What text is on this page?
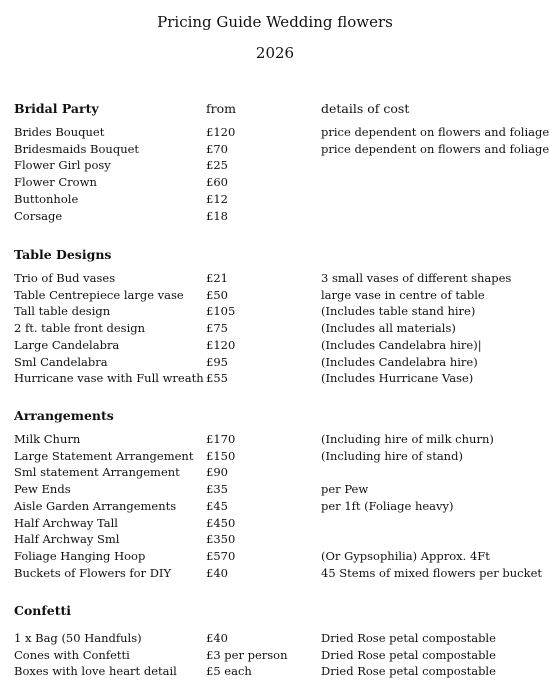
Pricing Guide Wedding flowers
2026
from	details of cost
Bridal Party
Brides Bouquet	£120	price dependent on flowers and foliage
Bridesmaids Bouquet	£70	price dependent on flowers and foliage
Flower Girl posy	£25
Flower Crown	£60
Buttonhole	£12
Corsage	£18
Table Designs
Trio of Bud vases	£21	3 small vases of different shapes
Table Centrepiece large vase £50	large vase in centre of table
Tall table design	£105	(Includes table stand hire)
2 ft. table front design	£75	(Includes all materials)
Large Candelabra	£120	(Includes Candelabra hire)|
Sml Candelabra	£95	(Includes Candelabra hire)
Hurricane vase with Full wreath £55	(Includes Hurricane Vase)
Arrangements
Milk Churn	£170	(Including hire of milk churn)
Large Statement Arrangement £150	(Including hire of stand)
Sml statement Arrangement £90
Pew Ends	£35	per Pew
Aisle Garden Arrangements	£45	per 1ft (Foliage heavy)
Half Archway Tall	£450
Half Archway Sml	£350
Foliage Hanging Hoop	£570	(Or Gypsophilia) Approx. 4Ft
Buckets of Flowers for DIY	£40	45 Stems of mixed flowers per bucket
Confetti
1 x Bag (50 Handfuls)	£40	Dried Rose petal compostable
Cones with Confetti	£3 per person	Dried Rose petal compostable
Boxes with love heart detail	£5 each	Dried Rose petal compostable
